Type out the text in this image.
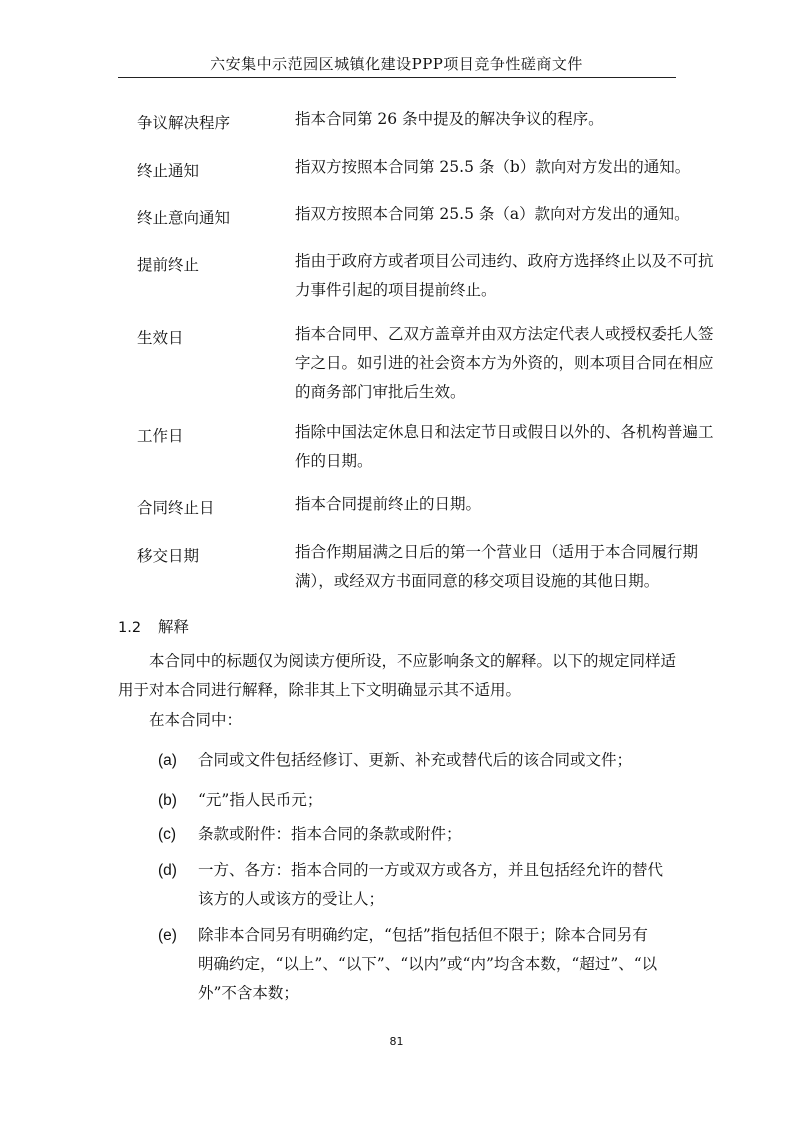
六安集中示范园区城镇化建设PPP项目竞争性磋商文件
争议解决程序	指本合同第 26 条中提及的解决争议的程序。
终止通知	指双方按照本合同第 25.5 条（b）款向对方发出的通知。
终止意向通知	指双方按照本合同第 25.5 条（a）款向对方发出的通知。
提前终止	指由于政府方或者项目公司违约、政府方选择终止以及不可抗力事件引起的项目提前终止。
生效日	指本合同甲、乙双方盖章并由双方法定代表人或授权委托人签字之日。如引进的社会资本方为外资的，则本项目合同在相应的商务部门审批后生效。
工作日	指除中国法定休息日和法定节日或假日以外的、各机构普遍工作的日期。
合同终止日	指本合同提前终止的日期。
移交日期	指合作期届满之日后的第一个营业日（适用于本合同履行期满），或经双方书面同意的移交项目设施的其他日期。
1.2 解释
本合同中的标题仅为阅读方便所设，不应影响条文的解释。以下的规定同样适用于对本合同进行解释，除非其上下文明确显示其不适用。
在本合同中：
(a) 合同或文件包括经修订、更新、补充或替代后的该合同或文件；
(b) “元”指人民币元；
(c) 条款或附件：指本合同的条款或附件；
(d) 一方、各方：指本合同的一方或双方或各方，并且包括经允许的替代该方的人或该方的受让人；
(e) 除非本合同另有明确约定，“包括”指包括但不限于；除本合同另有明确约定，“以上”、“以下”、“以内”或“内”均含本数，“超过”、“以外”不含本数；
81
